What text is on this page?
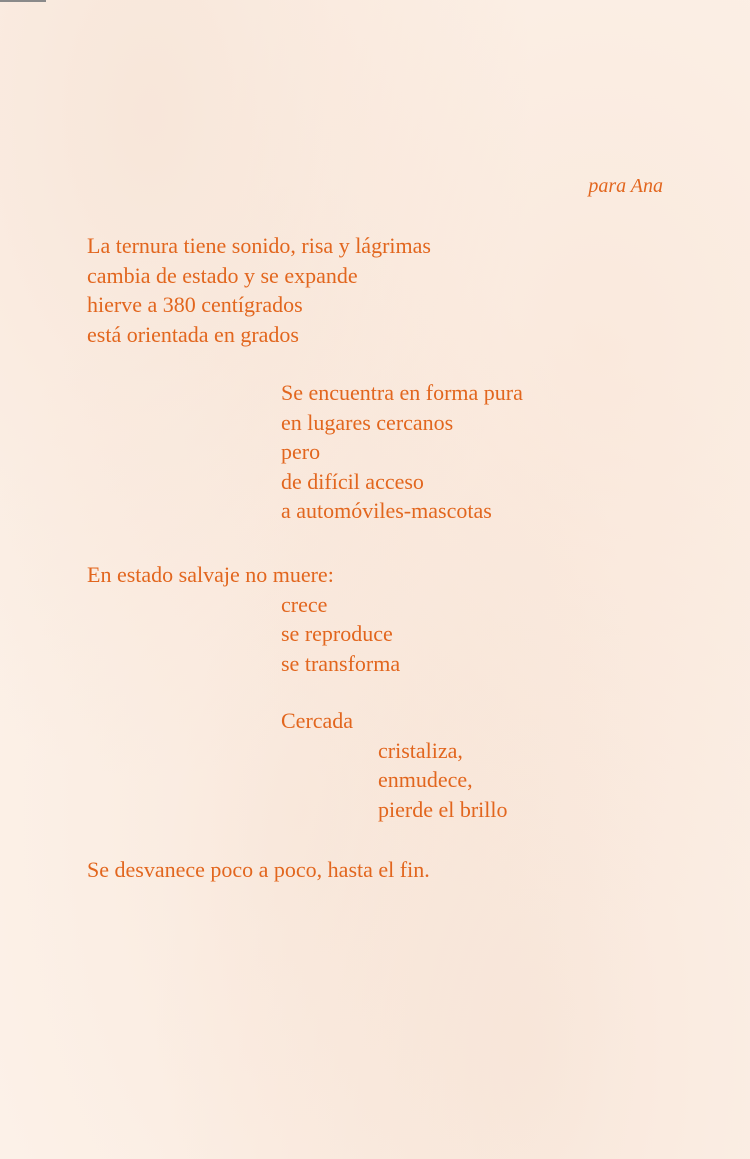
para Ana
La ternura tiene sonido, risa y lágrimas
cambia de estado y se expande
hierve a 380 centígrados
está orientada en grados
Se encuentra en forma pura
en lugares cercanos
pero
de difícil acceso
a automóviles-mascotas
En estado salvaje no muere:
crece
se reproduce
se transforma
Cercada
cristaliza,
enmudece,
pierde el brillo
Se desvanece poco a poco, hasta el fin.
